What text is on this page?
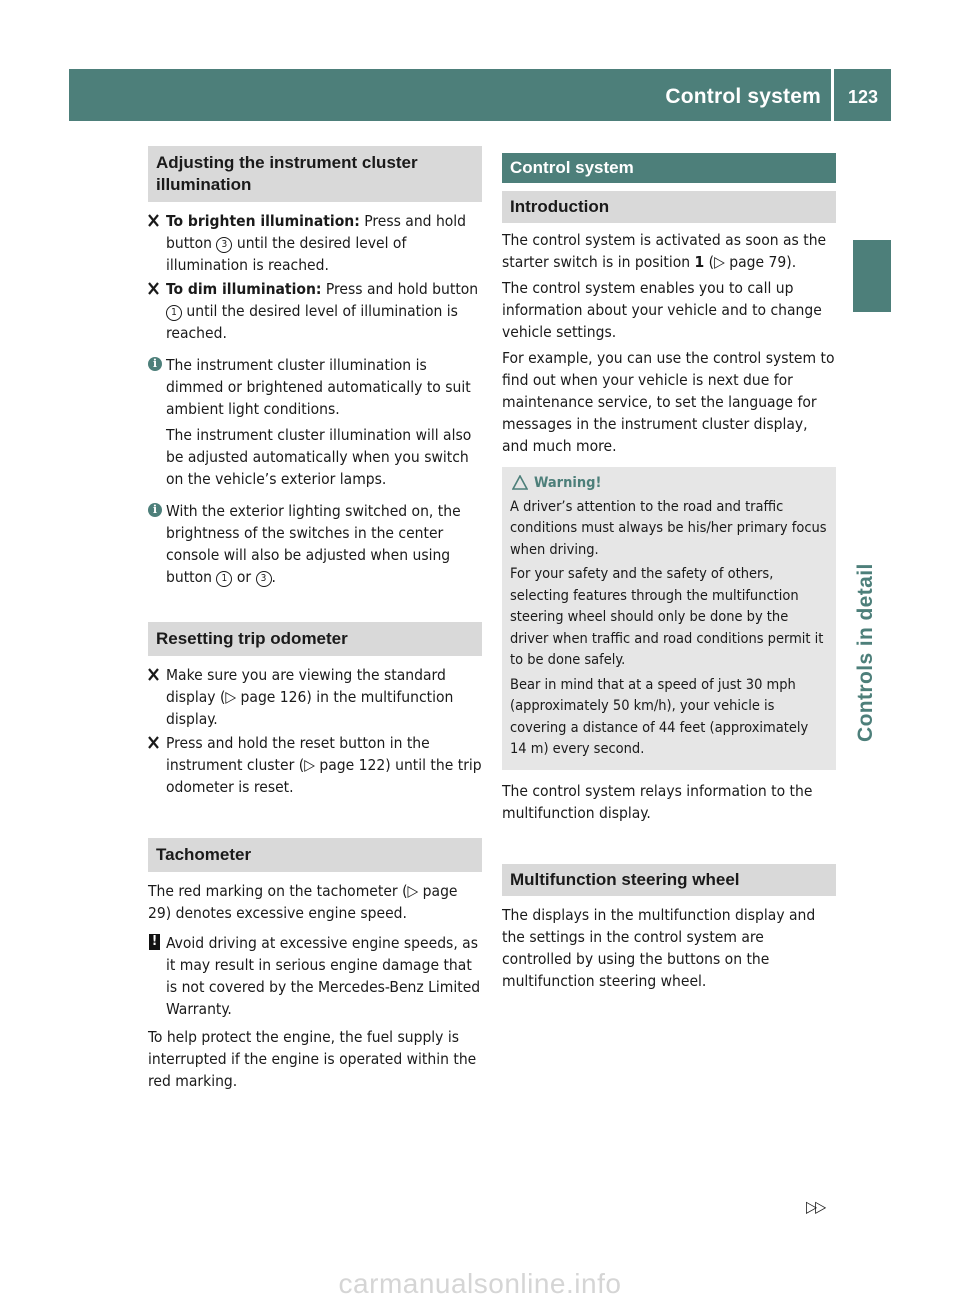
Control system	123
Controls in detail
Adjusting the instrument cluster illumination
To brighten illumination: Press and hold button 3 until the desired level of illumination is reached.
To dim illumination: Press and hold button 1 until the desired level of illumination is reached.
i The instrument cluster illumination is dimmed or brightened automatically to suit ambient light conditions.

The instrument cluster illumination will also be adjusted automatically when you switch on the vehicle’s exterior lamps.

i With the exterior lighting switched on, the brightness of the switches in the center console will also be adjusted when using button 1 or 3 .
Resetting trip odometer
Make sure you are viewing the standard display (▷ page 126) in the multifunction display.
Press and hold the reset button in the instrument cluster (▷ page 122) until the trip odometer is reset.
Tachometer

The red marking on the tachometer (▷ page 29) denotes excessive engine speed.

! Avoid driving at excessive engine speeds, as it may result in serious engine damage that is not covered by the Mercedes-Benz Limited Warranty.

To help protect the engine, the fuel supply is interrupted if the engine is operated within the red marking.

Control system
Introduction

The control system is activated as soon as the starter switch is in position 1 (▷ page 79).

The control system enables you to call up information about your vehicle and to change vehicle settings.

For example, you can use the control system to find out when your vehicle is next due for maintenance service, to set the language for messages in the instrument cluster display, and much more.

Warning!

A driver’s attention to the road and traffic conditions must always be his/her primary focus when driving.

For your safety and the safety of others, selecting features through the multifunction steering wheel should only be done by the driver when traffic and road conditions permit it to be done safely.

Bear in mind that at a speed of just 30 mph (approximately 50 km/h), your vehicle is covering a distance of 44 feet (approximately 14 m) every second.

The control system relays information to the multifunction display.

Multifunction steering wheel

The displays in the multifunction display and the settings in the control system are controlled by using the buttons on the multifunction steering wheel.

▷▷
carmanualsonline.info
